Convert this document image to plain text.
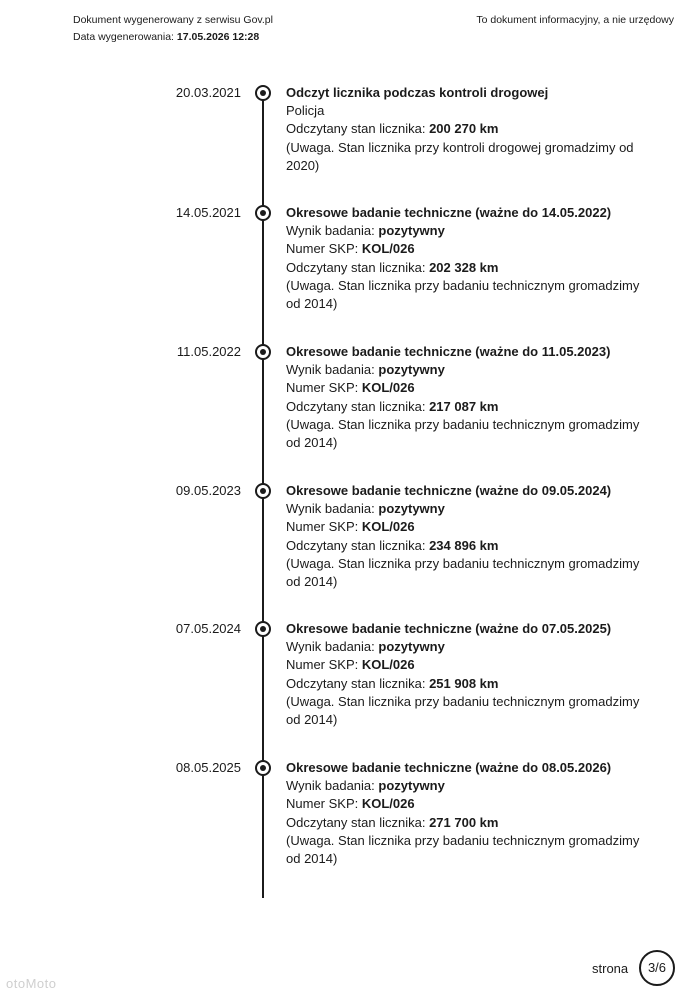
Dokument wygenerowany z serwisu Gov.pl
Data wygenerowania: 17.05.2026 12:28
To dokument informacyjny, a nie urzędowy
20.03.2021	Odczyt licznika podczas kontroli drogowej
Policja
Odczytany stan licznika: 200 270 km
(Uwaga. Stan licznika przy kontroli drogowej gromadzimy od 2020)
14.05.2021	Okresowe badanie techniczne (ważne do 14.05.2022)
Wynik badania: pozytywny
Numer SKP: KOL/026
Odczytany stan licznika: 202 328 km
(Uwaga. Stan licznika przy badaniu technicznym gromadzimy od 2014)
11.05.2022	Okresowe badanie techniczne (ważne do 11.05.2023)
Wynik badania: pozytywny
Numer SKP: KOL/026
Odczytany stan licznika: 217 087 km
(Uwaga. Stan licznika przy badaniu technicznym gromadzimy od 2014)
09.05.2023	Okresowe badanie techniczne (ważne do 09.05.2024)
Wynik badania: pozytywny
Numer SKP: KOL/026
Odczytany stan licznika: 234 896 km
(Uwaga. Stan licznika przy badaniu technicznym gromadzimy od 2014)
07.05.2024	Okresowe badanie techniczne (ważne do 07.05.2025)
Wynik badania: pozytywny
Numer SKP: KOL/026
Odczytany stan licznika: 251 908 km
(Uwaga. Stan licznika przy badaniu technicznym gromadzimy od 2014)
08.05.2025	Okresowe badanie techniczne (ważne do 08.05.2026)
Wynik badania: pozytywny
Numer SKP: KOL/026
Odczytany stan licznika: 271 700 km
(Uwaga. Stan licznika przy badaniu technicznym gromadzimy od 2014)
strona	3/6
otoMoto
